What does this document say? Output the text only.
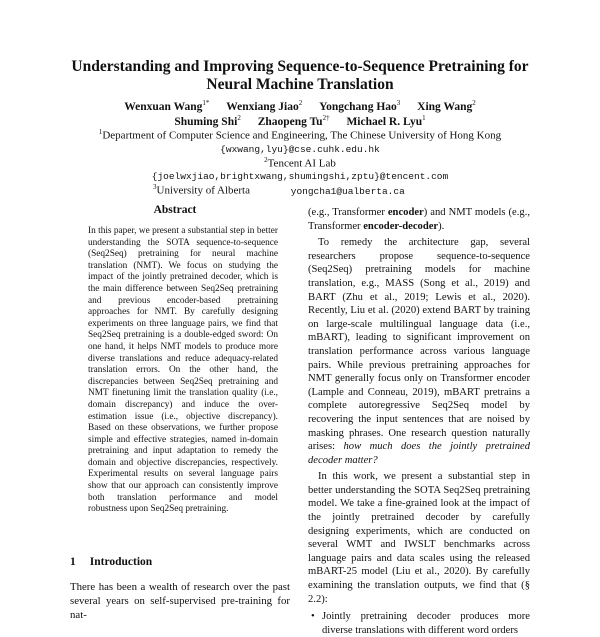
Understanding and Improving Sequence-to-Sequence Pretraining for Neural Machine Translation
Wenxuan Wang$^{1*}$ Wenxiang Jiao$^2$ Yongchang Hao$^3$ Xing Wang$^2$
Shuming Shi$^2$ Zhaopeng $Tu^{2\dagger}$ Michael R. Lyu$^1$
$^1$Department of Computer Science and Engineering, The Chinese University of Hong Kong
{wxwang,lyu}@cse.cuhk.edu.hk
$^2$Tencent AI Lab
{joelwxjiao,brightxwang,shumingshi,zptu}@tencent.com
$^3$University of Alberta	yongcha1@ualberta.ca
Abstract
In this paper, we present a substantial step in better understanding the SOTA sequence-to-sequence (Seq2Seq) pretraining for neural machine translation (NMT). We focus on studying the impact of the jointly pretrained decoder, which is the main difference between Seq2Seq pretraining and previous encoder-based pretraining approaches for NMT. By carefully designing experiments on three language pairs, we find that Seq2Seq pretraining is a double-edged sword: On one hand, it helps NMT models to produce more diverse translations and reduce adequacy-related translation errors. On the other hand, the discrepancies between Seq2Seq pretraining and NMT finetuning limit the translation quality (i.e., domain discrepancy) and induce the over-estimation issue (i.e., objective discrepancy). Based on these observations, we further propose simple and effective strategies, named in-domain pretraining and input adaptation to remedy the domain and objective discrepancies, respectively. Experimental results on several language pairs show that our approach can consistently improve both translation performance and model robustness upon Seq2Seq pretraining.
1 Introduction
There has been a wealth of research over the past several years on self-supervised pre-training for nat-

(e.g., Transformer encoder) and NMT models (e.g., Transformer encoder-decoder).

To remedy the architecture gap, several researchers propose sequence-to-sequence (Seq2Seq) pretraining models for machine translation, e.g., MASS (Song et al., 2019) and BART (Zhu et al., 2019; Lewis et al., 2020). Recently, Liu et al. (2020) extend BART by training on large-scale multilingual language data (i.e., mBART), leading to significant improvement on translation performance across various language pairs. While previous pretraining approaches for NMT generally focus only on Transformer encoder (Lample and Conneau, 2019), mBART pretrains a complete autoregressive Seq2Seq model by recovering the input sentences that are noised by masking phrases. One research question naturally arises: how much does the jointly pretrained decoder matter?

In this work, we present a substantial step in better understanding the SOTA Seq2Seq pretraining model. We take a fine-grained look at the impact of the jointly pretrained decoder by carefully designing experiments, which are conducted on several WMT and IWSLT benchmarks across language pairs and data scales using the released mBART-25 model (Liu et al., 2020). By carefully examining the translation outputs, we find that (§ 2.2):

• Jointly pretraining decoder produces more diverse translations with different word orders
